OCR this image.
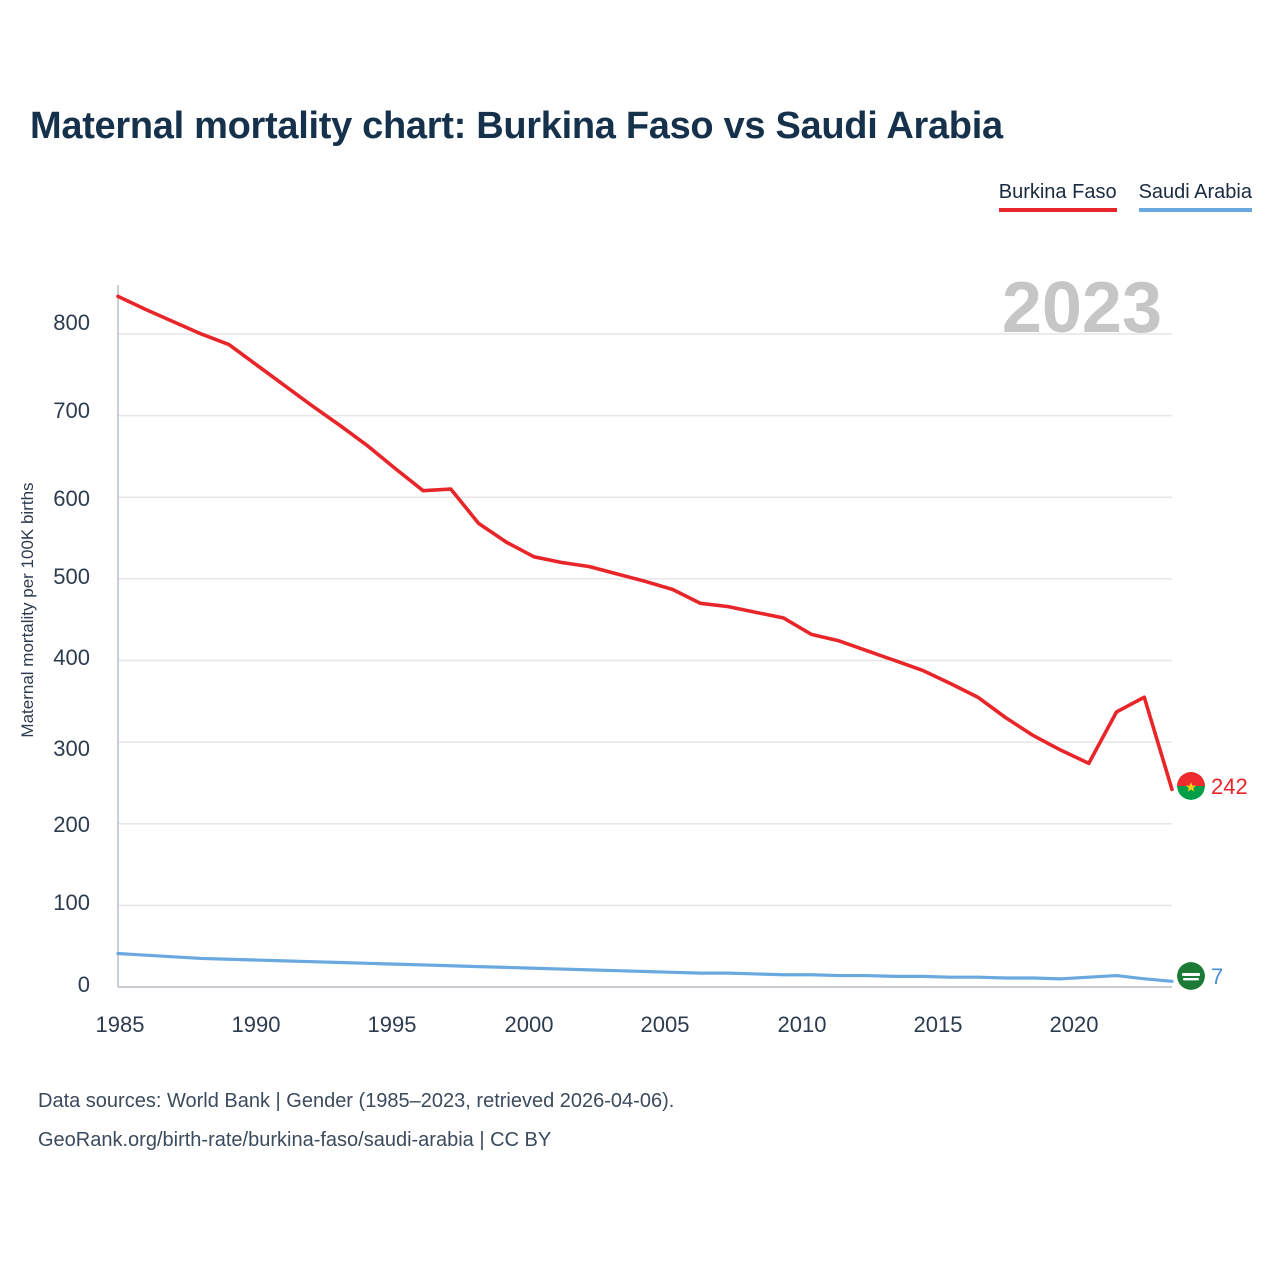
Maternal mortality chart: Burkina Faso vs Saudi Arabia
Burkina Faso Saudi Arabia
2023
Maternal mortality per 100K births
800
700
600
500
400
300
200
100
0
1985	1990	1995	2000	2005	2010	2015	2020
242
7
Data sources: World Bank | Gender (1985–2023, retrieved 2026-04-06).
GeoRank.org/birth-rate/burkina-faso/saudi-arabia | CC BY
